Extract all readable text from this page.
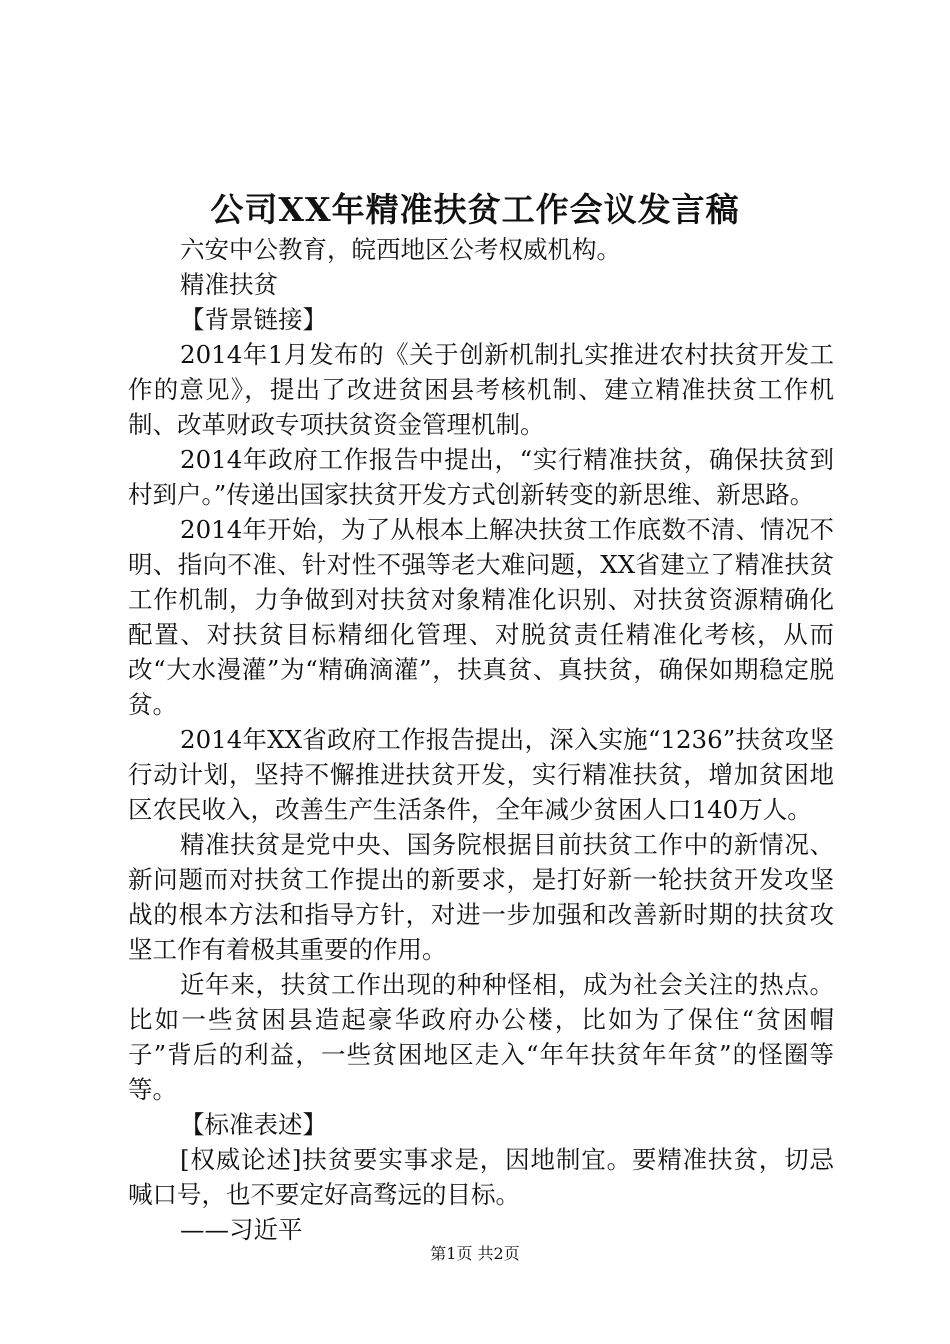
公司XX年精准扶贫工作会议发言稿

六安中公教育，皖西地区公考权威机构。

精准扶贫

【背景链接】

2014年1月发布的《关于创新机制扎实推进农村扶贫开发工作的意见》，提出了改进贫困县考核机制、建立精准扶贫工作机制、改革财政专项扶贫资金管理机制。

2014年政府工作报告中提出，“实行精准扶贫，确保扶贫到村到户。”传递出国家扶贫开发方式创新转变的新思维、新思路。

2014年开始，为了从根本上解决扶贫工作底数不清、情况不明、指向不准、针对性不强等老大难问题，XX省建立了精准扶贫工作机制，力争做到对扶贫对象精准化识别、对扶贫资源精确化配置、对扶贫目标精细化管理、对脱贫责任精准化考核，从而改“大水漫灌”为“精确滴灌”，扶真贫、真扶贫，确保如期稳定脱贫。

2014年XX省政府工作报告提出，深入实施“1236”扶贫攻坚行动计划，坚持不懈推进扶贫开发，实行精准扶贫，增加贫困地区农民收入，改善生产生活条件，全年减少贫困人口140万人。

精准扶贫是党中央、国务院根据目前扶贫工作中的新情况、新问题而对扶贫工作提出的新要求，是打好新一轮扶贫开发攻坚战的根本方法和指导方针，对进一步加强和改善新时期的扶贫攻坚工作有着极其重要的作用。

近年来，扶贫工作出现的种种怪相，成为社会关注的热点。比如一些贫困县造起豪华政府办公楼，比如为了保住“贫困帽子”背后的利益，一些贫困地区走入“年年扶贫年年贫”的怪圈等等。

【标准表述】

[权威论述]扶贫要实事求是，因地制宜。要精准扶贫，切忌喊口号，也不要定好高骛远的目标。

——习近平

第1页 共2页
